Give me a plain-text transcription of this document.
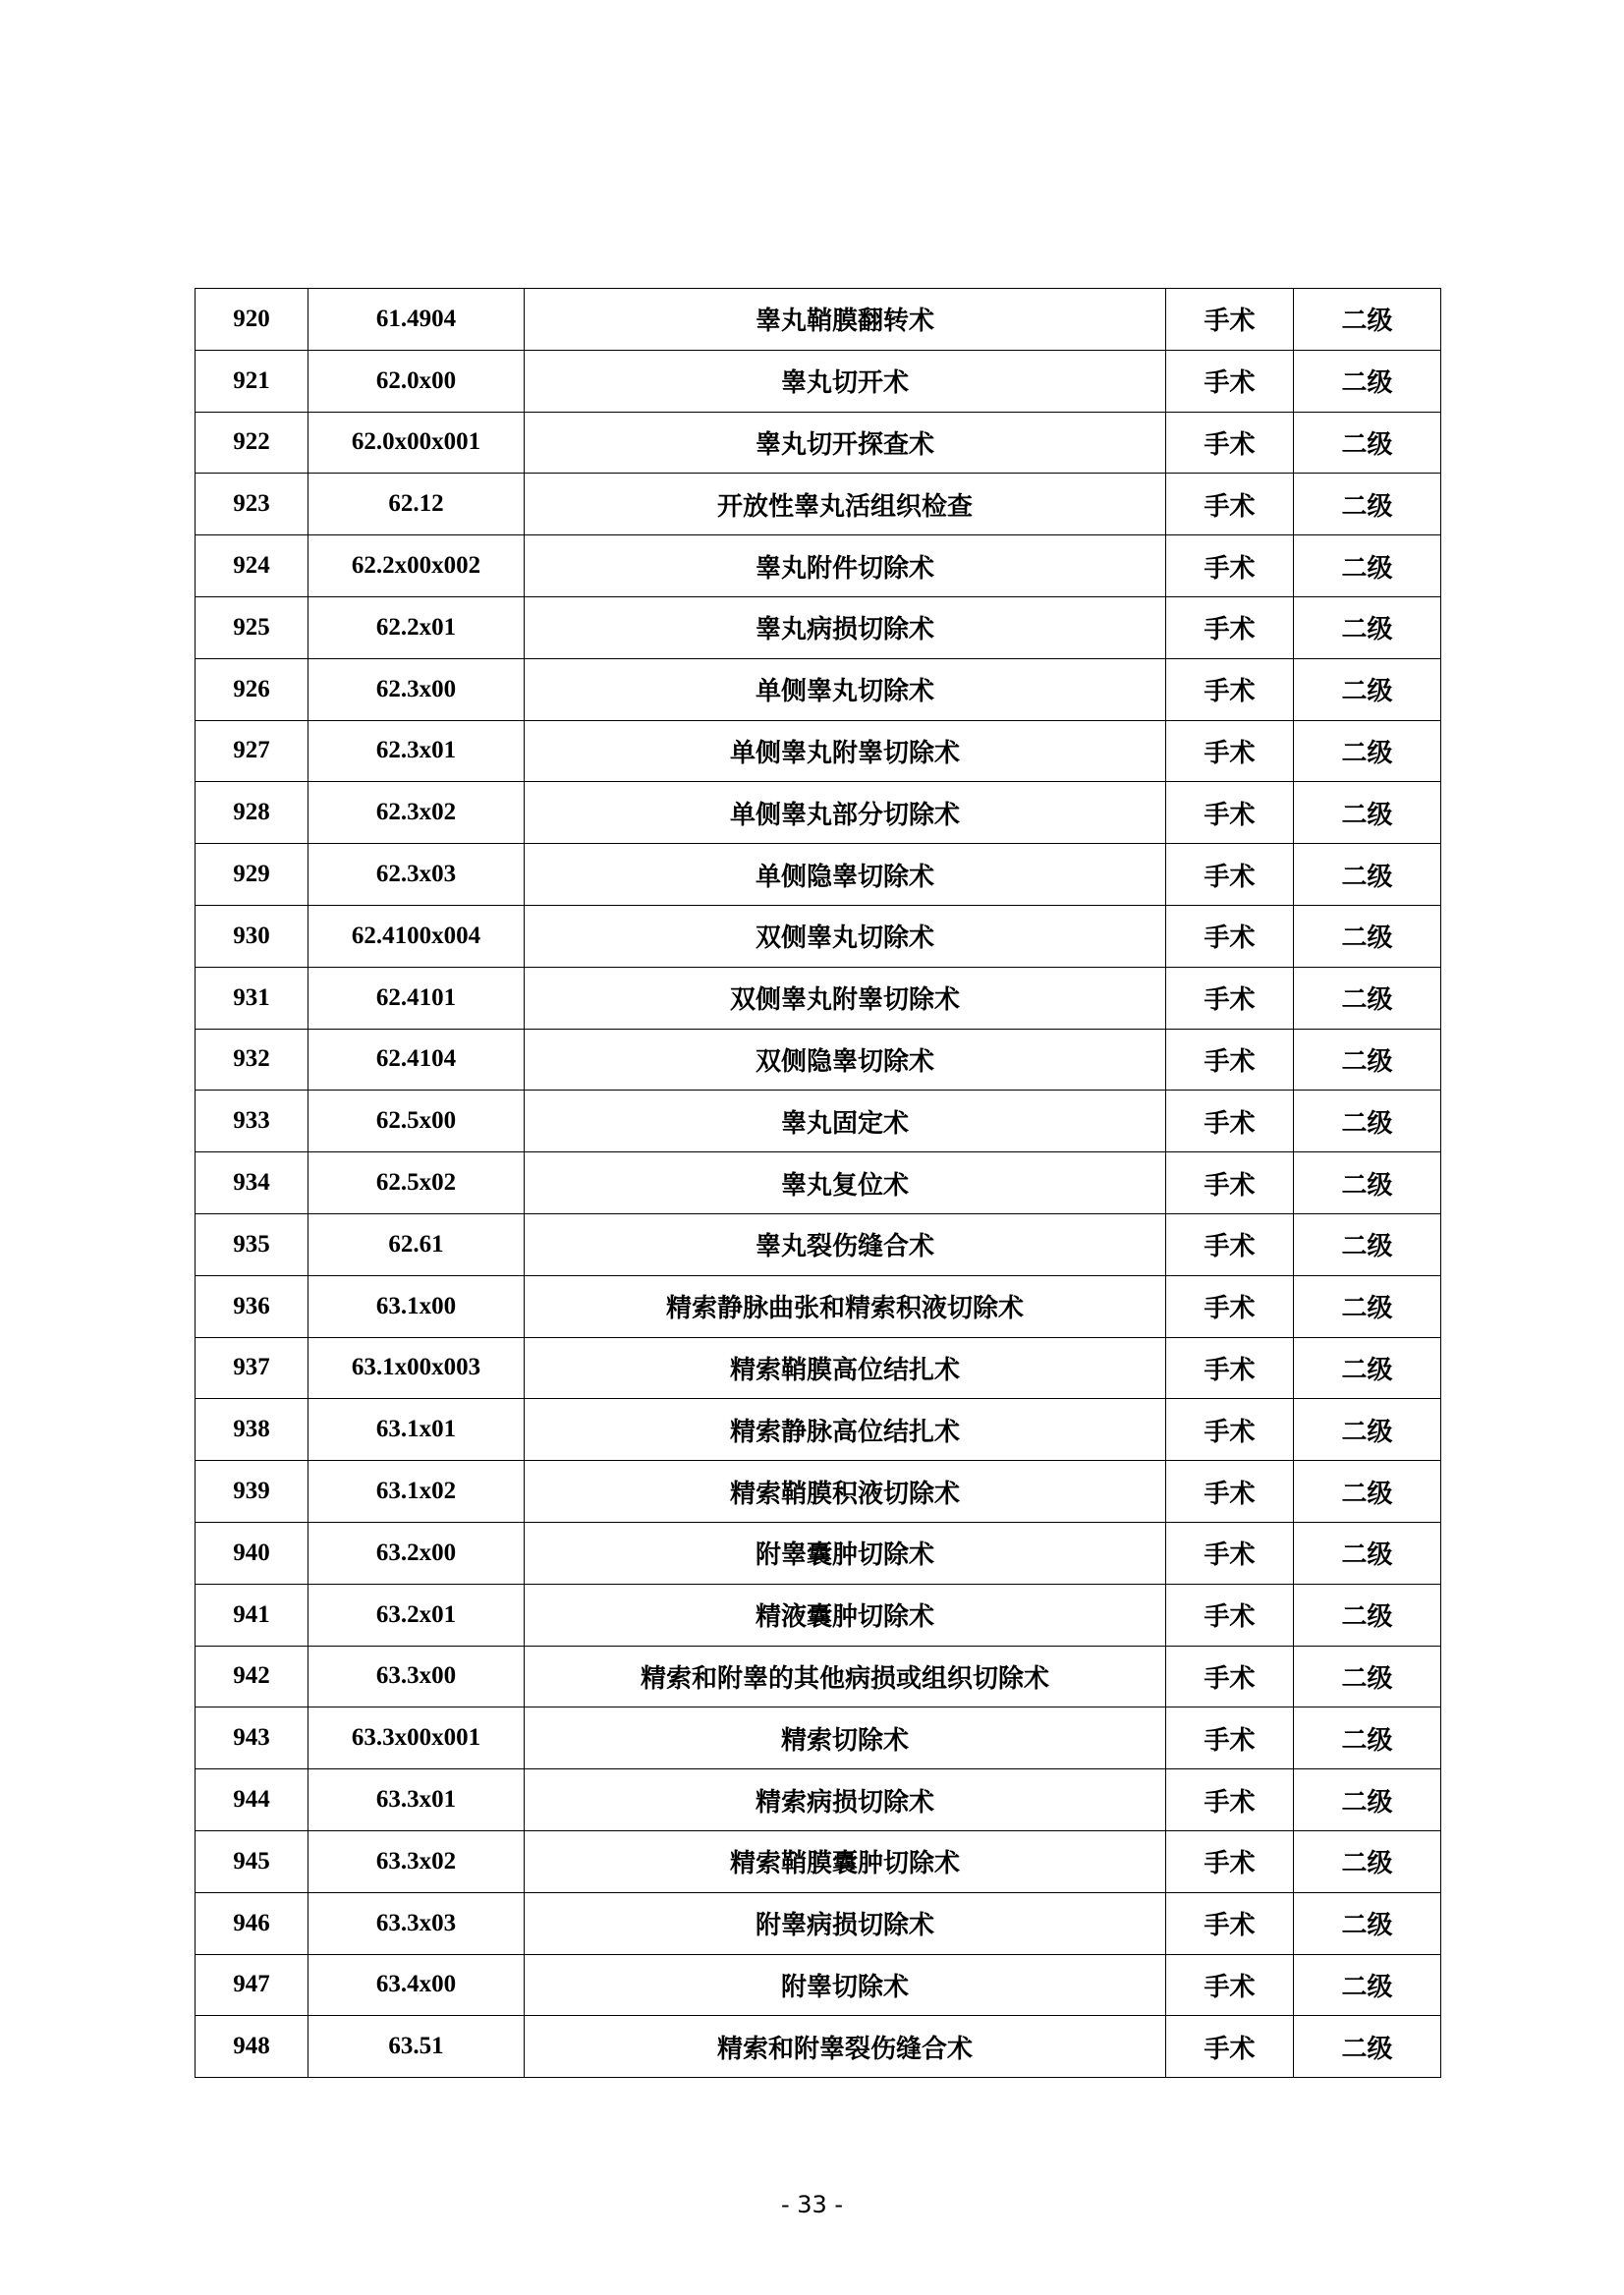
920	61.4904	睾丸鞘膜翻转术	手术	二级
921	62.0x00	睾丸切开术	手术	二级
922	62.0x00x001	睾丸切开探查术	手术	二级
923	62.12	开放性睾丸活组织检查	手术	二级
924	62.2x00x002	睾丸附件切除术	手术	二级
925	62.2x01	睾丸病损切除术	手术	二级
926	62.3x00	单侧睾丸切除术	手术	二级
927	62.3x01	单侧睾丸附睾切除术	手术	二级
928	62.3x02	单侧睾丸部分切除术	手术	二级
929	62.3x03	单侧隐睾切除术	手术	二级
930	62.4100x004	双侧睾丸切除术	手术	二级
931	62.4101	双侧睾丸附睾切除术	手术	二级
932	62.4104	双侧隐睾切除术	手术	二级
933	62.5x00	睾丸固定术	手术	二级
934	62.5x02	睾丸复位术	手术	二级
935	62.61	睾丸裂伤缝合术	手术	二级
936	63.1x00	精索静脉曲张和精索积液切除术	手术	二级
937	63.1x00x003	精索鞘膜高位结扎术	手术	二级
938	63.1x01	精索静脉高位结扎术	手术	二级
939	63.1x02	精索鞘膜积液切除术	手术	二级
940	63.2x00	附睾囊肿切除术	手术	二级
941	63.2x01	精液囊肿切除术	手术	二级
942	63.3x00	精索和附睾的其他病损或组织切除术	手术	二级
943	63.3x00x001	精索切除术	手术	二级
944	63.3x01	精索病损切除术	手术	二级
945	63.3x02	精索鞘膜囊肿切除术	手术	二级
946	63.3x03	附睾病损切除术	手术	二级
947	63.4x00	附睾切除术	手术	二级
948	63.51	精索和附睾裂伤缝合术	手术	二级
- 33 -
